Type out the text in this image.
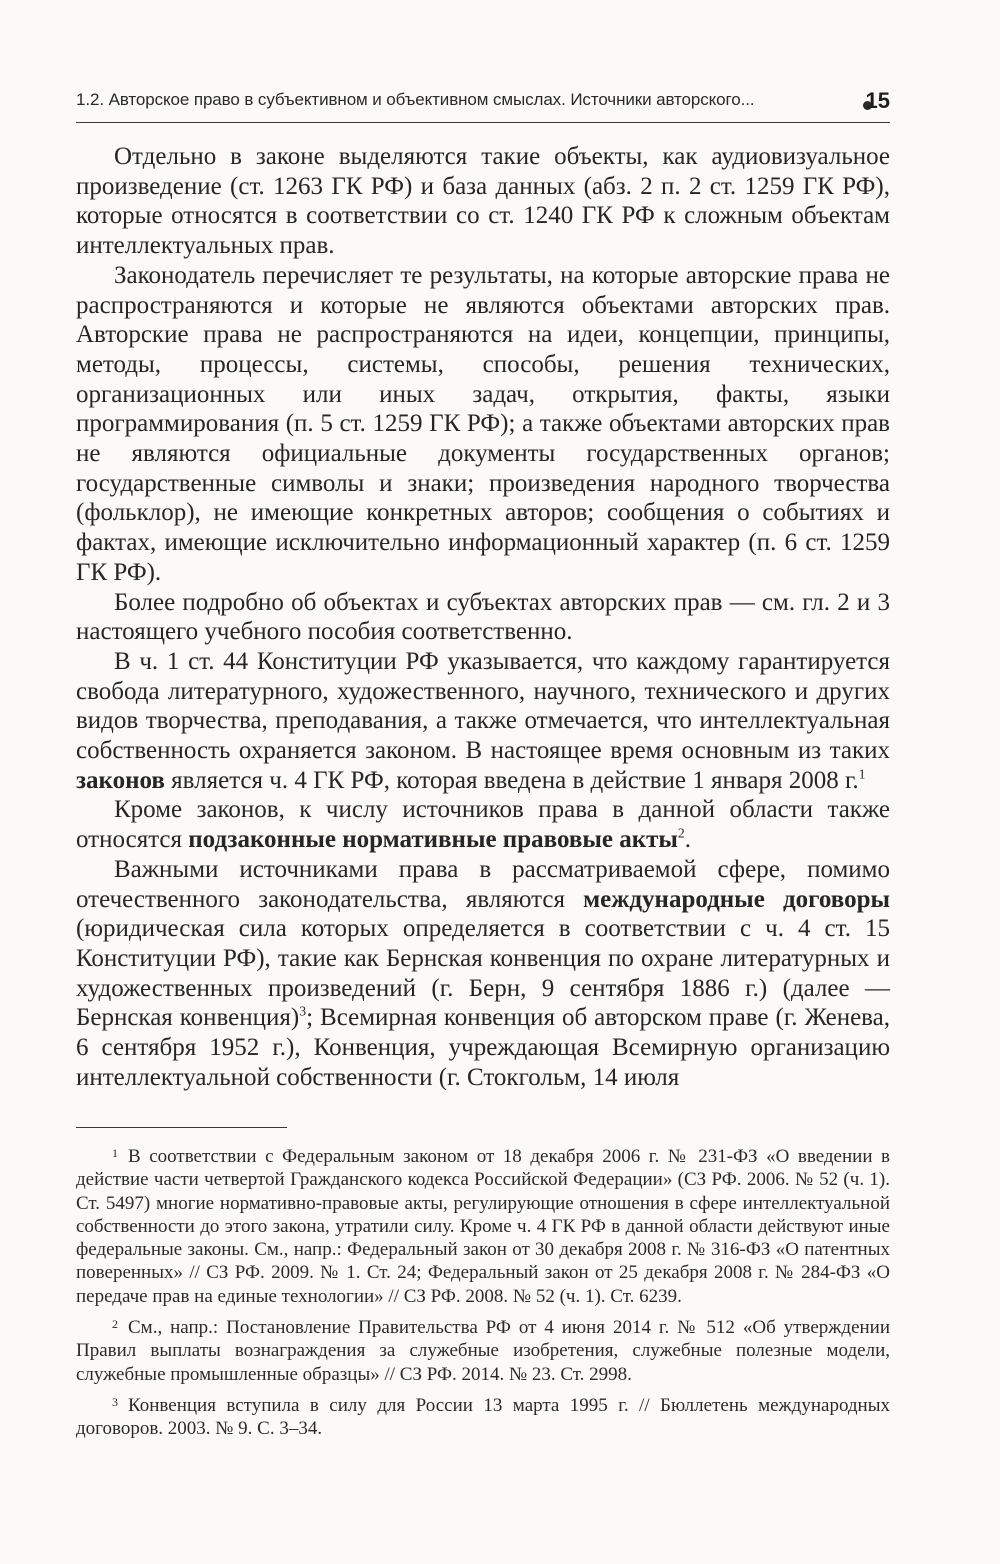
1.2. Авторское право в субъективном и объективном смыслах. Источники авторского...	15

Отдельно в законе выделяются такие объекты, как аудиовизуальное произведение (ст. 1263 ГК РФ) и база данных (абз. 2 п. 2 ст. 1259 ГК РФ), которые относятся в соответствии со ст. 1240 ГК РФ к сложным объектам интеллектуальных прав.

Законодатель перечисляет те результаты, на которые авторские права не распространяются и которые не являются объектами авторских прав. Авторские права не распространяются на идеи, концепции, принципы, методы, процессы, системы, способы, решения технических, организационных или иных задач, открытия, факты, языки программирования (п. 5 ст. 1259 ГК РФ); а также объектами авторских прав не являются официальные документы государственных органов; государственные символы и знаки; произведения народного творчества (фольклор), не имеющие конкретных авторов; сообщения о событиях и фактах, имеющие исключительно информационный характер (п. 6 ст. 1259 ГК РФ).

Более подробно об объектах и субъектах авторских прав — см. гл. 2 и 3 настоящего учебного пособия соответственно.

В ч. 1 ст. 44 Конституции РФ указывается, что каждому гарантируется свобода литературного, художественного, научного, технического и других видов творчества, преподавания, а также отмечается, что интеллектуальная собственность охраняется законом. В настоящее время основным из таких законов является ч. 4 ГК РФ, которая введена в действие 1 января 2008 г.$^1$

Кроме законов, к числу источников права в данной области также относятся подзаконные нормативные правовые акты$^2$.

Важными источниками права в рассматриваемой сфере, помимо отечественного законодательства, являются международные договоры (юридическая сила которых определяется в соответствии с ч. 4 ст. 15 Конституции РФ), такие как Бернская конвенция по охране литературных и художественных произведений (г. Берн, 9 сентября 1886 г.) (далее — Бернская конвенция)$^3$; Всемирная конвенция об авторском праве (г. Женева, 6 сентября 1952 г.), Конвенция, учреждающая Всемирную организацию интеллектуальной собственности (г. Стокгольм, 14 июля

$^1$ В соответствии с Федеральным законом от 18 декабря 2006 г. № 231-ФЗ «О введении в действие части четвертой Гражданского кодекса Российской Федерации» (СЗ РФ. 2006. № 52 (ч. 1). Ст. 5497) многие нормативно-правовые акты, регулирующие отношения в сфере интеллектуальной собственности до этого закона, утратили силу. Кроме ч. 4 ГК РФ в данной области действуют иные федеральные законы. См., напр.: Федеральный закон от 30 декабря 2008 г. № 316-ФЗ «О патентных поверенных» // СЗ РФ. 2009. № 1. Ст. 24; Федеральный закон от 25 декабря 2008 г. № 284-ФЗ «О передаче прав на единые технологии» // СЗ РФ. 2008. № 52 (ч. 1). Ст. 6239.

$^2$ См., напр.: Постановление Правительства РФ от 4 июня 2014 г. № 512 «Об утверждении Правил выплаты вознаграждения за служебные изобретения, служебные полезные модели, служебные промышленные образцы» // СЗ РФ. 2014. № 23. Ст. 2998.

$^3$ Конвенция вступила в силу для России 13 марта 1995 г. // Бюллетень международных договоров. 2003. № 9. С. 3–34.
